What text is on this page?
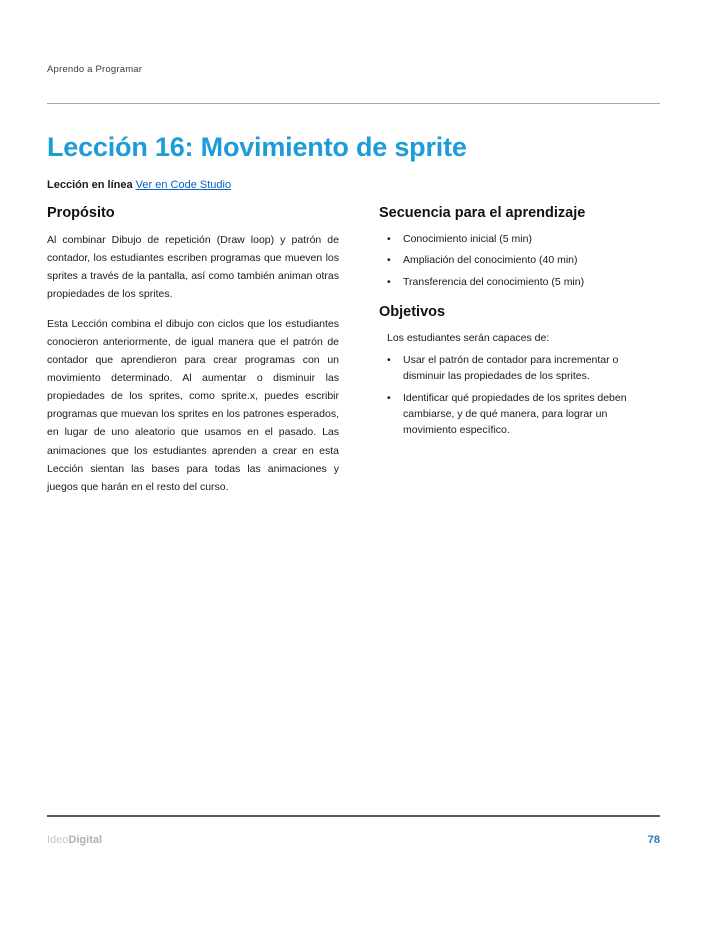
Aprendo a Programar
Lección 16: Movimiento de sprite
Lección en línea Ver en Code Studio
Propósito

Al combinar Dibujo de repetición (Draw loop) y patrón de contador, los estudiantes escriben programas que mueven los sprites a través de la pantalla, así como también animan otras propiedades de los sprites.

Esta Lección combina el dibujo con ciclos que los estudiantes conocieron anteriormente, de igual manera que el patrón de contador que aprendieron para crear programas con un movimiento determinado. Al aumentar o disminuir las propiedades de los sprites, como sprite.x, puedes escribir programas que muevan los sprites en los patrones esperados, en lugar de uno aleatorio que usamos en el pasado. Las animaciones que los estudiantes aprenden a crear en esta Lección sientan las bases para todas las animaciones y juegos que harán en el resto del curso.

Secuencia para el aprendizaje
• Conocimiento inicial (5 min)
• Ampliación del conocimiento (40 min)
• Transferencia del conocimiento (5 min)
Objetivos

Los estudiantes serán capaces de:

• Usar el patrón de contador para incrementar o disminuir las propiedades de los sprites.
• Identificar qué propiedades de los sprites deben cambiarse, y de qué manera, para lograr un movimiento específico.
IdeoDigital	78
